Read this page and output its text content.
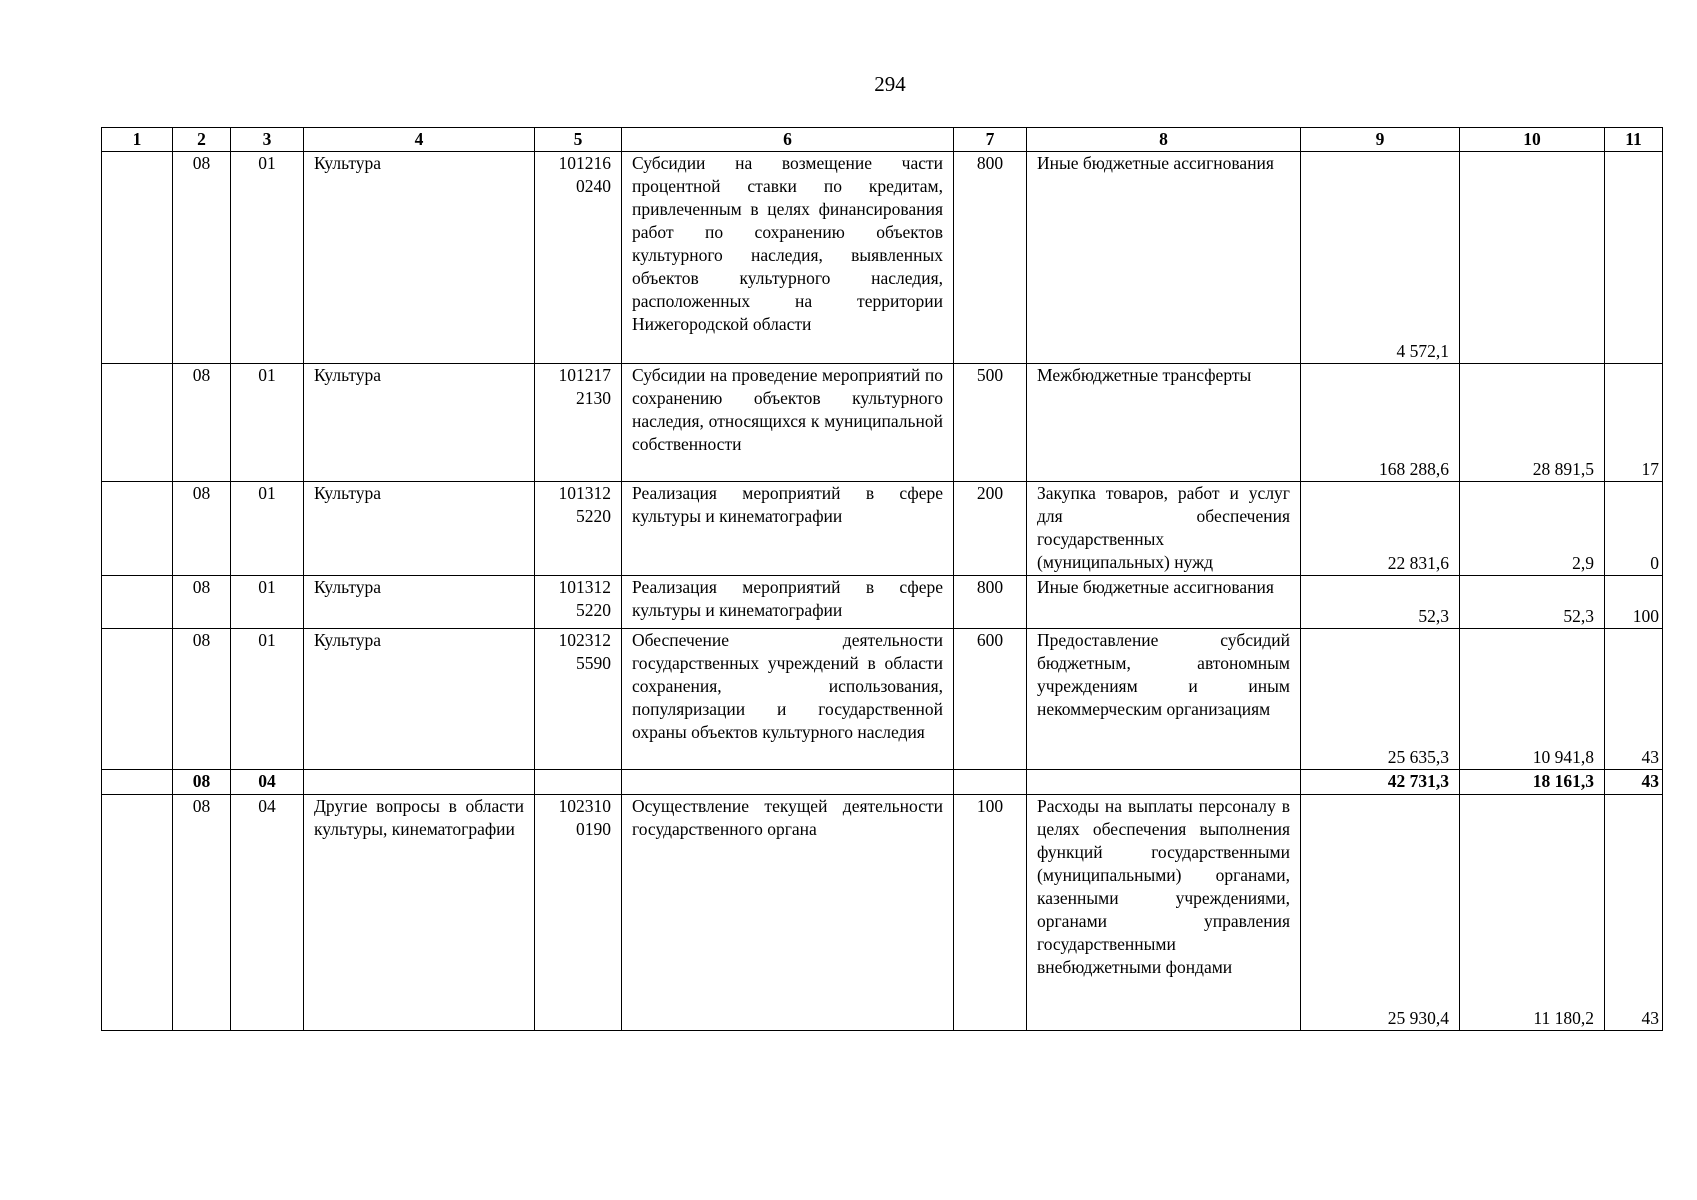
294
1	2	3	4	5	6	7	8	9	10	11
	08	01	Культура	101216 0240	Субсидии на возмещение части процентной ставки по кредитам, привлеченным в целях финансирования работ по сохранению объектов культурного наследия, выявленных объектов культурного наследия, расположенных на территории Нижегородской области	800	Иные бюджетные ассигнования	4 572,1		
	08	01	Культура	101217 2130	Субсидии на проведение мероприятий по сохранению объектов культурного наследия, относящихся к муниципальной собственности	500	Межбюджетные трансферты	168 288,6	28 891,5	17
	08	01	Культура	101312 5220	Реализация мероприятий в сфере культуры и кинематографии	200	Закупка товаров, работ и услуг для обеспечения государственных (муниципальных) нужд	22 831,6	2,9	0
	08	01	Культура	101312 5220	Реализация мероприятий в сфере культуры и кинематографии	800	Иные бюджетные ассигнования	52,3	52,3	100
	08	01	Культура	102312 5590	Обеспечение деятельности государственных учреждений в области сохранения, использования, популяризации и государственной охраны объектов культурного наследия	600	Предоставление субсидий бюджетным, автономным учреждениям и иным некоммерческим организациям	25 635,3	10 941,8	43
	08	04						42 731,3	18 161,3	43
	08	04	Другие вопросы в области культуры, кинематографии	102310 0190	Осуществление текущей деятельности государственного органа	100	Расходы на выплаты персоналу в целях обеспечения выполнения функций государственными (муниципальными) органами, казенными учреждениями, органами управления государственными внебюджетными фондами	25 930,4	11 180,2	43
